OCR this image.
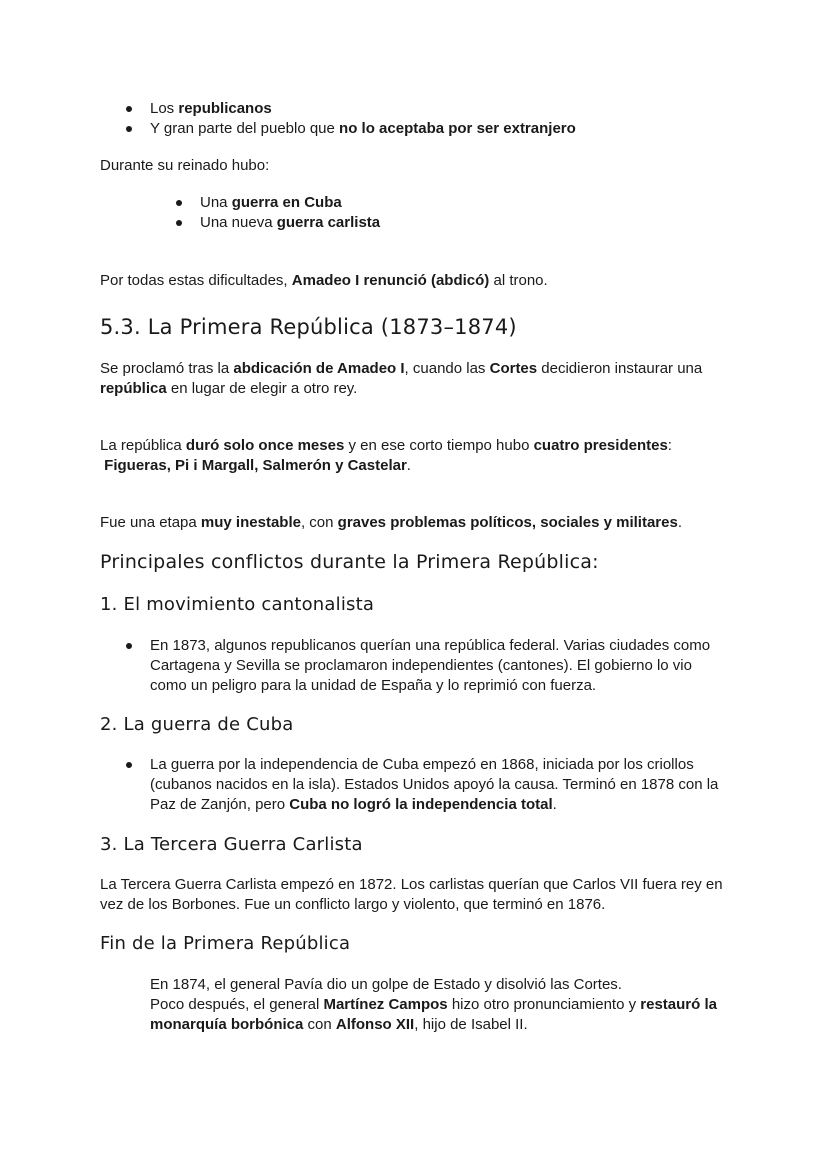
Los republicanos
Y gran parte del pueblo que no lo aceptaba por ser extranjero

Durante su reinado hubo:

Una guerra en Cuba
Una nueva guerra carlista

Por todas estas dificultades, Amadeo I renunció (abdicó) al trono.

5.3. La Primera República (1873–1874)

Se proclamó tras la abdicación de Amadeo I, cuando las Cortes decidieron instaurar una
república en lugar de elegir a otro rey.

La república duró solo once meses y en ese corto tiempo hubo cuatro presidentes:
Figueras, Pi i Margall, Salmerón y Castelar.

Fue una etapa muy inestable, con graves problemas políticos, sociales y militares.

Principales conflictos durante la Primera República:
1. El movimiento cantonalista
En 1873, algunos republicanos querían una república federal. Varias ciudades como Cartagena y Sevilla se proclamaron independientes (cantones). El gobierno lo vio como un peligro para la unidad de España y lo reprimió con fuerza.
2. La guerra de Cuba
La guerra por la independencia de Cuba empezó en 1868, iniciada por los criollos (cubanos nacidos en la isla). Estados Unidos apoyó la causa. Terminó en 1878 con la Paz de Zanjón, pero Cuba no logró la independencia total.
3. La Tercera Guerra Carlista

La Tercera Guerra Carlista empezó en 1872. Los carlistas querían que Carlos VII fuera rey en vez de los Borbones. Fue un conflicto largo y violento, que terminó en 1876.

Fin de la Primera República

En 1874, el general Pavía dio un golpe de Estado y disolvió las Cortes.
Poco después, el general Martínez Campos hizo otro pronunciamiento y restauró la monarquía borbónica con Alfonso XII, hijo de Isabel II.
